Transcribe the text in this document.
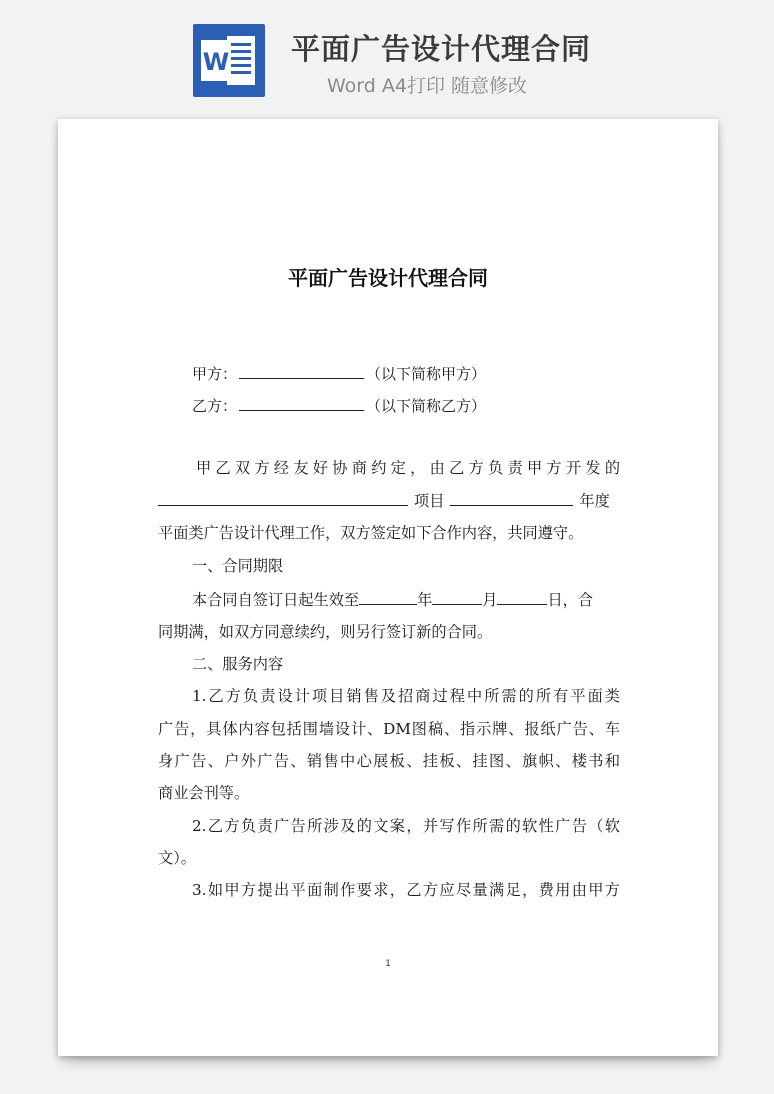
W 平面广告设计代理合同
Word A4打印 随意修改
平面广告设计代理合同
甲方：	（以下简称甲方）
乙方：	（以下简称乙方）
甲乙双方经友好协商约定，由乙方负责甲方开发的
项目	年度
平面类广告设计代理工作，双方签定如下合作内容，共同遵守。
一、合同期限
本合同自签订日起生效至	年	月	日，合
同期满，如双方同意续约，则另行签订新的合同。
二、服务内容
1.乙方负责设计项目销售及招商过程中所需的所有平面类
广告，具体内容包括围墙设计、DM图稿、指示牌、报纸广告、车
身广告、户外广告、销售中心展板、挂板、挂图、旗帜、楼书和
商业会刊等。
2.乙方负责广告所涉及的文案，并写作所需的软性广告（软
文）。
3.如甲方提出平面制作要求，乙方应尽量满足，费用由甲方
1
